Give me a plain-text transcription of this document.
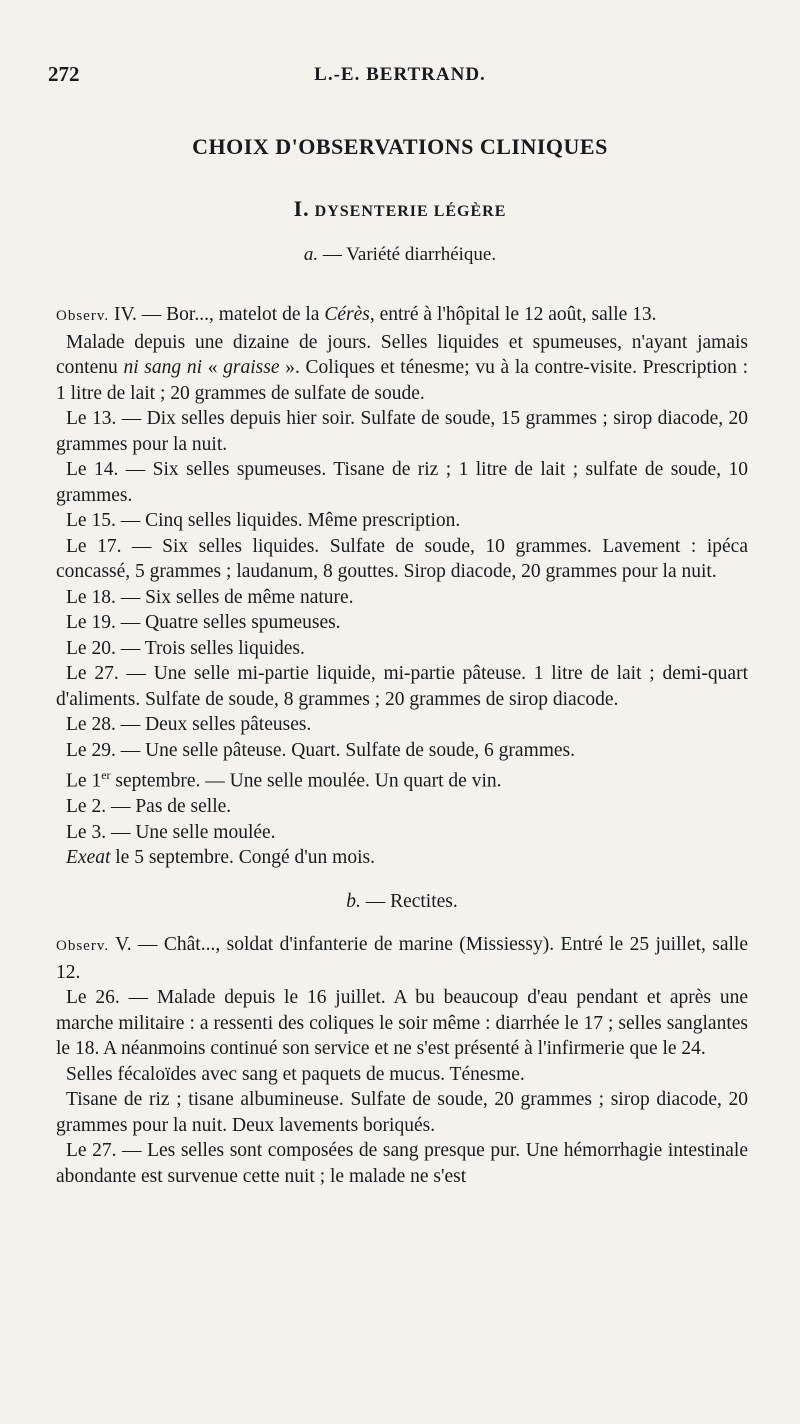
272	L.-E. BERTRAND.
CHOIX D'OBSERVATIONS CLINIQUES
I. DYSENTERIE LÉGÈRE
a. — Variété diarrhéique.

Observ. IV. — Bor..., matelot de la Cérès, entré à l'hôpital le 12 août, salle 13.

Malade depuis une dizaine de jours. Selles liquides et spumeuses, n'ayant jamais contenu ni sang ni « graisse ». Coliques et ténesme; vu à la contre-visite. Prescription : 1 litre de lait ; 20 grammes de sulfate de soude.

Le 13. — Dix selles depuis hier soir. Sulfate de soude, 15 grammes ; sirop diacode, 20 grammes pour la nuit.

Le 14. — Six selles spumeuses. Tisane de riz ; 1 litre de lait ; sulfate de soude, 10 grammes.

Le 15. — Cinq selles liquides. Même prescription.

Le 17. — Six selles liquides. Sulfate de soude, 10 grammes. Lavement : ipéca concassé, 5 grammes ; laudanum, 8 gouttes. Sirop diacode, 20 grammes pour la nuit.

Le 18. — Six selles de même nature.

Le 19. — Quatre selles spumeuses.

Le 20. — Trois selles liquides.

Le 27. — Une selle mi-partie liquide, mi-partie pâteuse. 1 litre de lait ; demi-quart d'aliments. Sulfate de soude, 8 grammes ; 20 grammes de sirop diacode.

Le 28. — Deux selles pâteuses.

Le 29. — Une selle pâteuse. Quart. Sulfate de soude, 6 grammes.

Le 1er septembre. — Une selle moulée. Un quart de vin.

Le 2. — Pas de selle.

Le 3. — Une selle moulée.

Exeat le 5 septembre. Congé d'un mois.

b. — Rectites.

Observ. V. — Chât..., soldat d'infanterie de marine (Missiessy). Entré le 25 juillet, salle 12.

Le 26. — Malade depuis le 16 juillet. A bu beaucoup d'eau pendant et après une marche militaire : a ressenti des coliques le soir même : diarrhée le 17 ; selles sanglantes le 18. A néanmoins continué son service et ne s'est présenté à l'infirmerie que le 24.

Selles fécaloïdes avec sang et paquets de mucus. Ténesme.

Tisane de riz ; tisane albumineuse. Sulfate de soude, 20 grammes ; sirop diacode, 20 grammes pour la nuit. Deux lavements boriqués.

Le 27. — Les selles sont composées de sang presque pur. Une hémorrhagie intestinale abondante est survenue cette nuit ; le malade ne s'est
